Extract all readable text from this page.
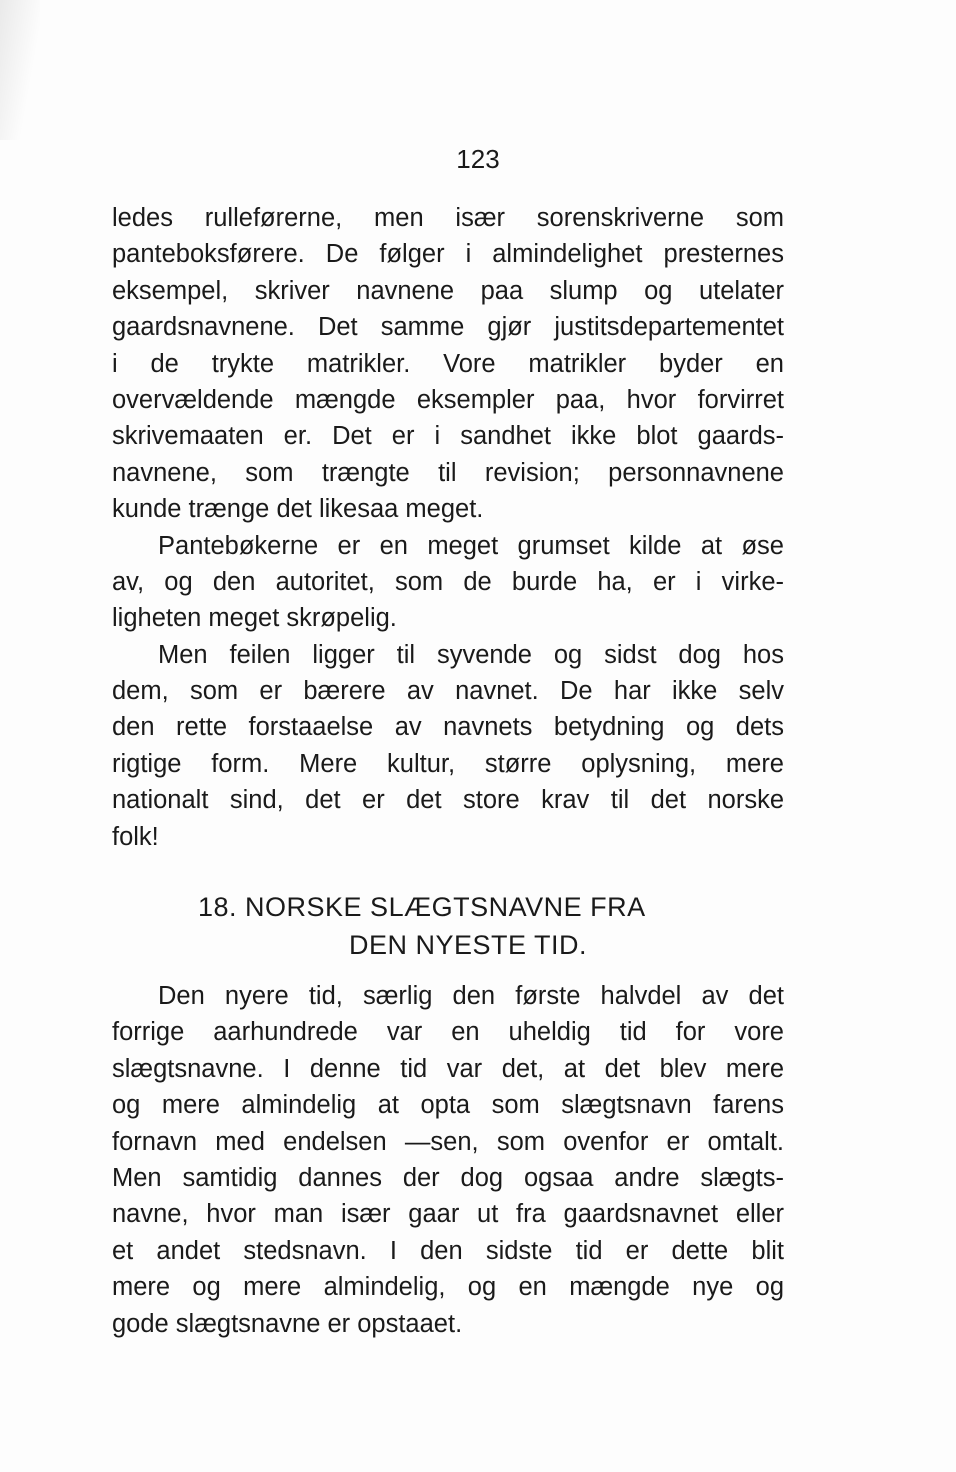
123
ledes rulleførerne, men især sorenskriverne som
panteboksførere. De følger i almindelighet presternes
eksempel, skriver navnene paa slump og utelater
gaardsnavnene. Det samme gjør justitsdepartementet
i de trykte matrikler. Vore matrikler byder en
overvældende mængde eksempler paa, hvor forvirret
skrivemaaten er. Det er i sandhet ikke blot gaards-
navnene, som trængte til revision; personnavnene
kunde trænge det likesaa meget.
Pantebøkerne er en meget grumset kilde at øse
av, og den autoritet, som de burde ha, er i virke-
ligheten meget skrøpelig.
Men feilen ligger til syvende og sidst dog hos
dem, som er bærere av navnet. De har ikke selv
den rette forstaaelse av navnets betydning og dets
rigtige form. Mere kultur, større oplysning, mere
nationalt sind, det er det store krav til det norske
folk!
18. NORSKE SLÆGTSNAVNE FRA
DEN NYESTE TID.
Den nyere tid, særlig den første halvdel av det
forrige aarhundrede var en uheldig tid for vore
slægtsnavne. I denne tid var det, at det blev mere
og mere almindelig at opta som slægtsnavn farens
fornavn med endelsen —sen, som ovenfor er omtalt.
Men samtidig dannes der dog ogsaa andre slægts-
navne, hvor man især gaar ut fra gaardsnavnet eller
et andet stedsnavn. I den sidste tid er dette blit
mere og mere almindelig, og en mængde nye og
gode slægtsnavne er opstaaet.
